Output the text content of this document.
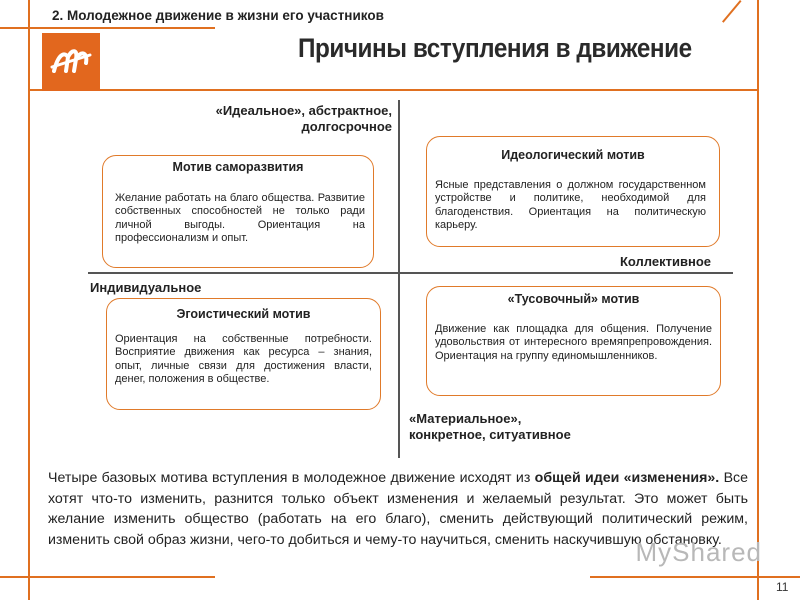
2. Молодежное движение в жизни его участников
Причины вступления в движение
«Идеальное», абстрактное,
долгосрочное
Индивидуальное
Коллективное
«Материальное»,
конкретное, ситуативное
Мотив саморазвития
Желание работать на благо общества. Развитие собственных способностей не только ради личной выгоды. Ориентация на профессионализм и опыт.
Идеологический мотив
Ясные представления о должном государственном устройстве и политике, необходимой для благоденствия. Ориентация на политическую карьеру.
Эгоистический мотив
Ориентация на собственные потребности. Восприятие движения как ресурса – знания, опыт, личные связи для достижения власти, денег, положения в обществе.
«Тусовочный» мотив
Движение как площадка для общения. Получение удовольствия от интересного времяпрепровождения. Ориентация на группу единомышленников.
Четыре базовых мотива вступления в молодежное движение исходят из общей идеи «изменения». Все хотят что-то изменить, разнится только объект изменения и желаемый результат. Это может быть желание изменить общество (работать на его благо), сменить действующий политический режим, изменить свой образ жизни, чего-то добиться и чему-то научиться, сменить наскучившую обстановку.
MyShared
11
